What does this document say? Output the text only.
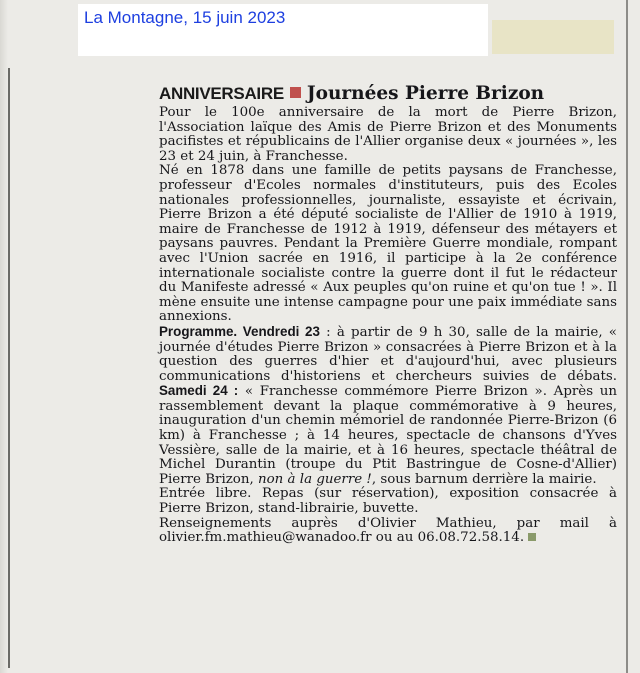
La Montagne, 15 juin 2023
ANNIVERSAIRE Journées Pierre Brizon

Pour le 100e anniversaire de la mort de Pierre Brizon, l'Association laïque des Amis de Pierre Brizon et des Monuments pacifistes et républicains de l'Allier organise deux « journées », les 23 et 24 juin, à Franchesse.

Né en 1878 dans une famille de petits paysans de Franchesse, professeur d'Ecoles normales d'instituteurs, puis des Ecoles nationales professionnelles, journaliste, essayiste et écrivain, Pierre Brizon a été député socialiste de l'Allier de 1910 à 1919, maire de Franchesse de 1912 à 1919, défenseur des métayers et paysans pauvres. Pendant la Première Guerre mondiale, rompant avec l'Union sacrée en 1916, il participe à la 2e conférence internationale socialiste contre la guerre dont il fut le rédacteur du Manifeste adressé « Aux peuples qu'on ruine et qu'on tue ! ». Il mène ensuite une intense campagne pour une paix immédiate sans annexions.

Programme. Vendredi 23 : à partir de 9 h 30, salle de la mairie, « journée d'études Pierre Brizon » consacrées à Pierre Brizon et à la question des guerres d'hier et d'aujourd'hui, avec plusieurs communications d'historiens et chercheurs suivies de débats. Samedi 24 : « Franchesse commémore Pierre Brizon ». Après un rassemblement devant la plaque commémorative à 9 heures, inauguration d'un chemin mémoriel de randonnée Pierre-Brizon (6 km) à Franchesse ; à 14 heures, spectacle de chansons d'Yves Vessière, salle de la mairie, et à 16 heures, spectacle théâtral de Michel Durantin (troupe du Ptit Bastringue de Cosne-d'Allier) Pierre Brizon, non à la guerre !, sous barnum derrière la mairie.

Entrée libre. Repas (sur réservation), exposition consacrée à Pierre Brizon, stand-librairie, buvette.

Renseignements auprès d'Olivier Mathieu, par mail à olivier.fm.mathieu@wanadoo.fr ou au 06.08.72.58.14.
